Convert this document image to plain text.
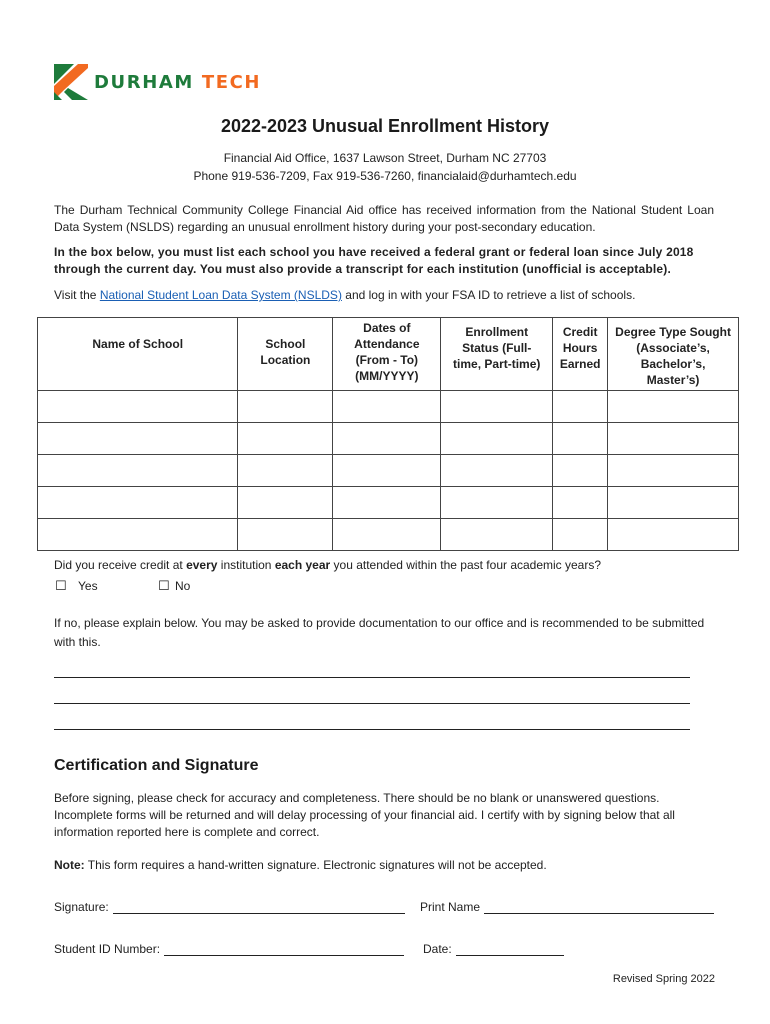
DURHAM TECH
2022-2023 Unusual Enrollment History
Financial Aid Office, 1637 Lawson Street, Durham NC 27703
Phone 919-536-7209, Fax 919-536-7260, financialaid@durhamtech.edu
The Durham Technical Community College Financial Aid office has received information from the National Student Loan Data System (NSLDS) regarding an unusual enrollment history during your post-secondary education.
In the box below, you must list each school you have received a federal grant or federal loan since July 2018 through the current day. You must also provide a transcript for each institution (unofficial is acceptable).
Visit the National Student Loan Data System (NSLDS) and log in with your FSA ID to retrieve a list of schools.
Name of School	School Location	Dates of Attendance (From - To) (MM/YYYY)	Enrollment Status (Full-time, Part-time)	Credit Hours Earned	Degree Type Sought (Associate’s, Bachelor’s, Master’s)

Did you receive credit at every institution each year you attended within the past four academic years?
☐ Yes	☐ No
If no, please explain below. You may be asked to provide documentation to our office and is recommended to be submitted with this.
Certification and Signature
Before signing, please check for accuracy and completeness. There should be no blank or unanswered questions. Incomplete forms will be returned and will delay processing of your financial aid. I certify with by signing below that all information reported here is complete and correct.
Note: This form requires a hand-written signature. Electronic signatures will not be accepted.
Signature:	Print Name
Student ID Number:	Date:
Revised Spring 2022
